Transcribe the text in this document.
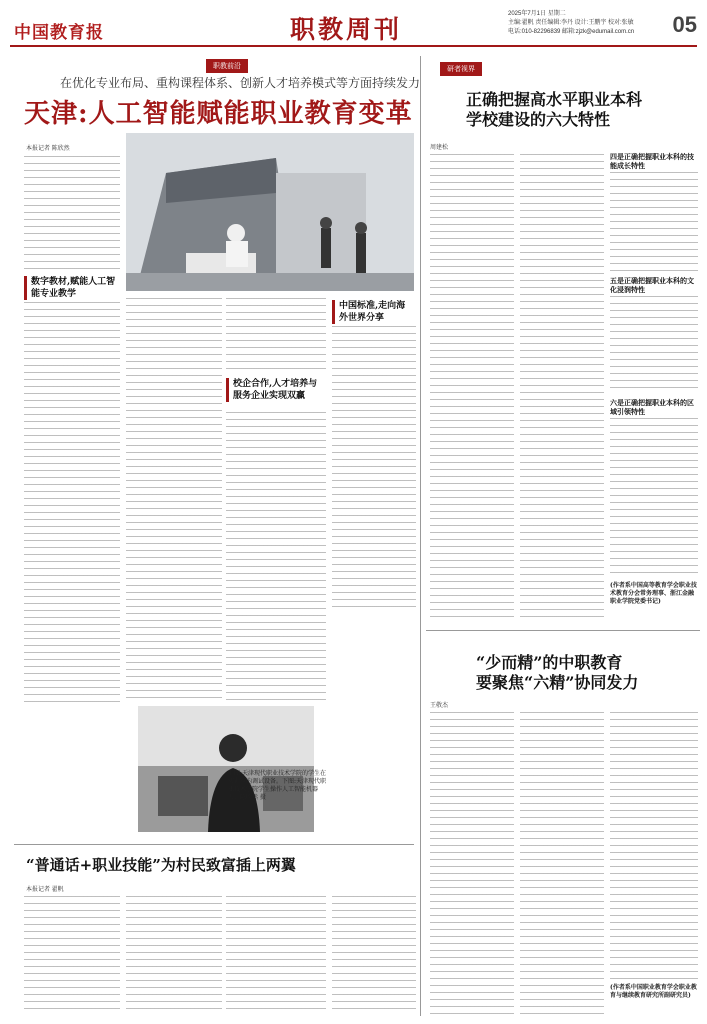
中国教育报	职教周刊
2025年7月1日 星期二
主编:翟帆 责任编辑:李丹 设计:王鹏宇 校对:张敏
电话:010-82296839 邮箱:zjzk@edumail.com.cn	05
职教前沿
在优化专业布局、重构课程体系、创新人才培养模式等方面持续发力
天津:人工智能赋能职业教育变革
本报记者 陈欣然
数字教材,赋能人工智能专业教学
校企合作,人才培养与服务企业实现双赢
中国标准,走向海外世界分享
上图:天津现代职业技术学院的学生在实训室内调试设备。下图:天津现代职业技术学院学生操作人工智能机器人。陈欣然 摄
研者视界
正确把握高水平职业本科
学校建设的六大特性
周建松
四是正确把握职业本科的技能成长特性
五是正确把握职业本科的文化浸润特性
六是正确把握职业本科的区域引领特性
(作者系中国高等教育学会职业技术教育分会常务理事、浙江金融职业学院党委书记)
“少而精”的中职教育
要聚焦“六精”协同发力
王敬杰
(作者系中国职业教育学会职业教育与继续教育研究所副研究员)
“普通话+职业技能”为村民致富插上两翼
本报记者 翟帆
